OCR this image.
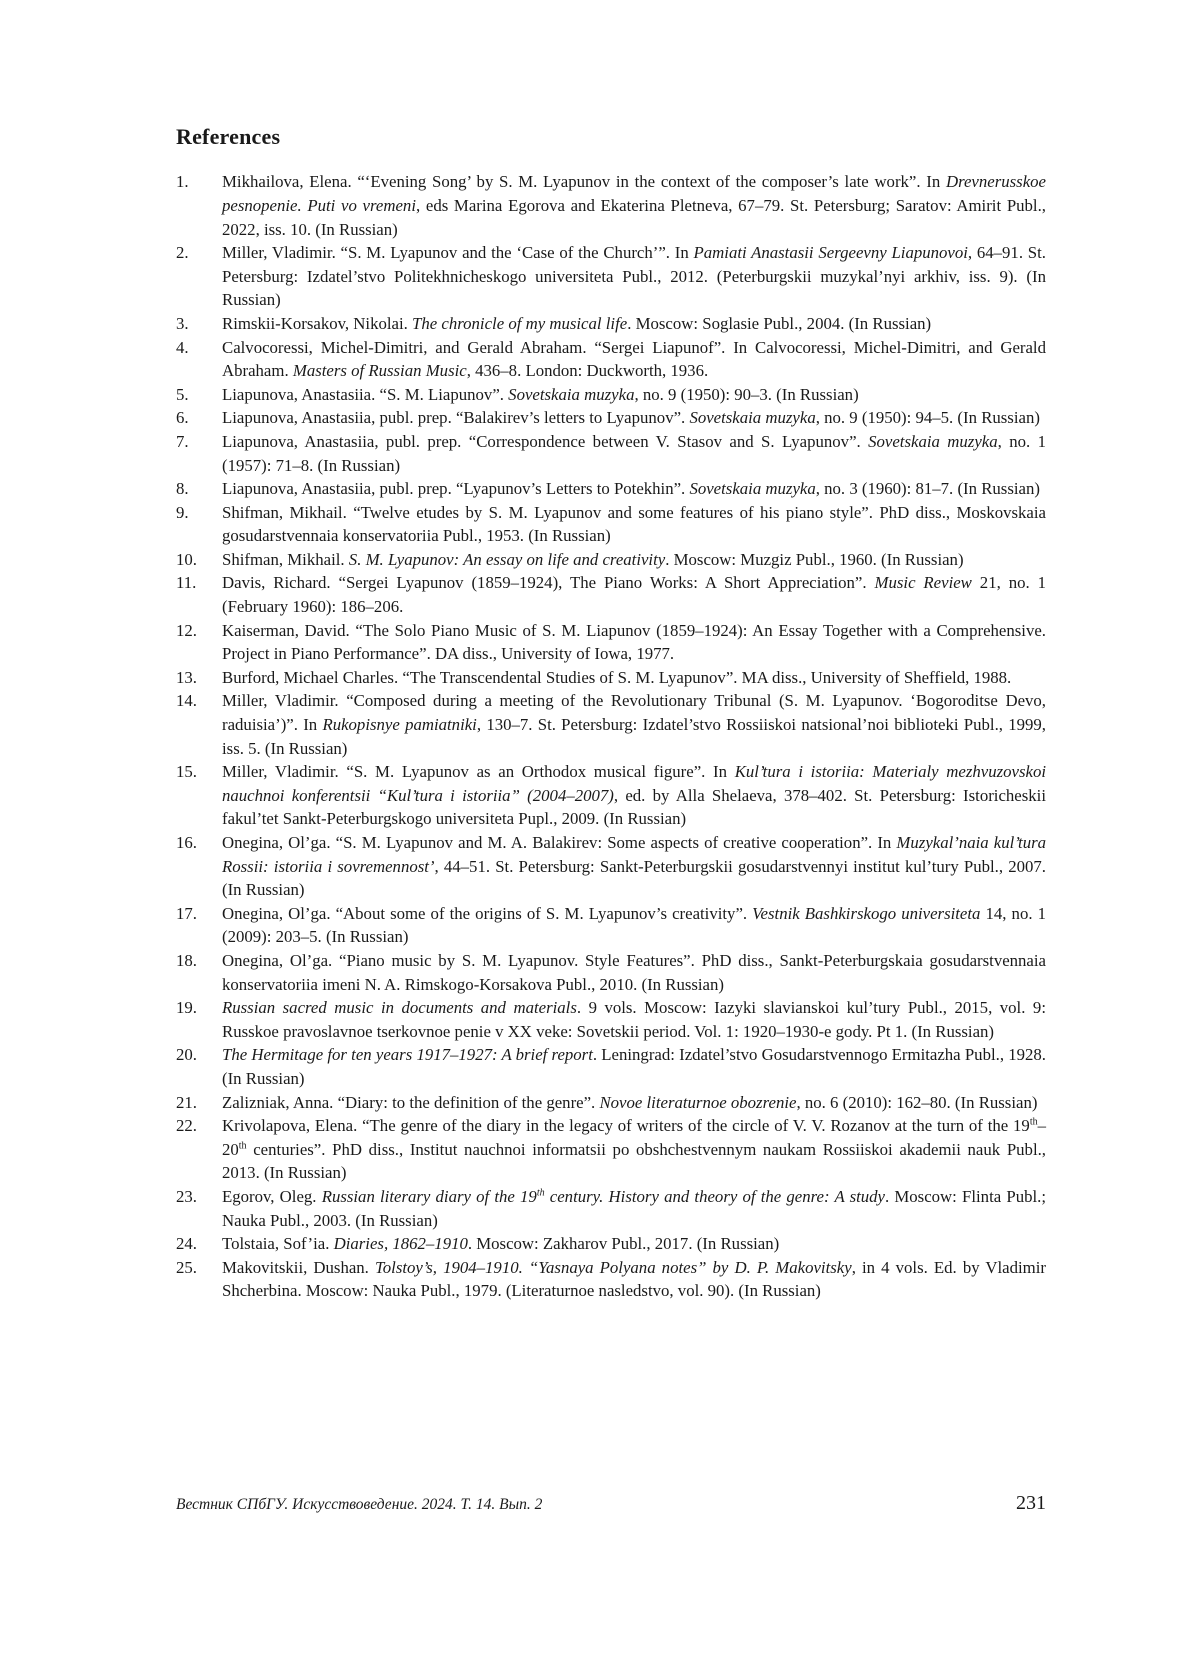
References
1.	Mikhailova, Elena. “‘Evening Song’ by S. M. Lyapunov in the context of the composer’s late work”. In Drevnerusskoe pesnopenie. Puti vo vremeni, eds Marina Egorova and Ekaterina Pletneva, 67–79. St. Petersburg; Saratov: Amirit Publ., 2022, iss. 10. (In Russian)
2.	Miller, Vladimir. “S. M. Lyapunov and the ‘Case of the Church’”. In Pamiati Anastasii Sergeevny Liapunovoi, 64–91. St. Petersburg: Izdatel’stvo Politekhnicheskogo universiteta Publ., 2012. (Peterburgskii muzykal’nyi arkhiv, iss. 9). (In Russian)
3.	Rimskii-Korsakov, Nikolai. The chronicle of my musical life. Moscow: Soglasie Publ., 2004. (In Russian)
4.	Calvocoressi, Michel-Dimitri, and Gerald Abraham. “Sergei Liapunof”. In Calvocoressi, Michel-Dimitri, and Gerald Abraham. Masters of Russian Music, 436–8. London: Duckworth, 1936.
5.	Liapunova, Anastasiia. “S. M. Liapunov”. Sovetskaia muzyka, no. 9 (1950): 90–3. (In Russian)
6.	Liapunova, Anastasiia, publ. prep. “Balakirev’s letters to Lyapunov”. Sovetskaia muzyka, no. 9 (1950): 94–5. (In Russian)
7.	Liapunova, Anastasiia, publ. prep. “Correspondence between V. Stasov and S. Lyapunov”. Sovetskaia muzyka, no. 1 (1957): 71–8. (In Russian)
8.	Liapunova, Anastasiia, publ. prep. “Lyapunov’s Letters to Potekhin”. Sovetskaia muzyka, no. 3 (1960): 81–7. (In Russian)
9.	Shifman, Mikhail. “Twelve etudes by S. M. Lyapunov and some features of his piano style”. PhD diss., Moskovskaia gosudarstvennaia konservatoriia Publ., 1953. (In Russian)
10.	Shifman, Mikhail. S. M. Lyapunov: An essay on life and creativity. Moscow: Muzgiz Publ., 1960. (In Russian)
11.	Davis, Richard. “Sergei Lyapunov (1859–1924), The Piano Works: A Short Appreciation”. Music Review 21, no. 1 (February 1960): 186–206.
12.	Kaiserman, David. “The Solo Piano Music of S. M. Liapunov (1859–1924): An Essay Together with a Comprehensive. Project in Piano Performance”. DA diss., University of Iowa, 1977.
13.	Burford, Michael Charles. “The Transcendental Studies of S. M. Lyapunov”. MA diss., University of Sheffield, 1988.
14.	Miller, Vladimir. “Composed during a meeting of the Revolutionary Tribunal (S. M. Lyapunov. ‘Bogoroditse Devo, raduisia’)”. In Rukopisnye pamiatniki, 130–7. St. Petersburg: Izdatel’stvo Rossiiskoi natsional’noi biblioteki Publ., 1999, iss. 5. (In Russian)
15.	Miller, Vladimir. “S. M. Lyapunov as an Orthodox musical figure”. In Kul’tura i istoriia: Materialy mezhvuzovskoi nauchnoi konferentsii “Kul’tura i istoriia” (2004–2007), ed. by Alla Shelaeva, 378–402. St. Petersburg: Istoricheskii fakul’tet Sankt-Peterburgskogo universiteta Pupl., 2009. (In Russian)
16.	Onegina, Ol’ga. “S. M. Lyapunov and M. A. Balakirev: Some aspects of creative cooperation”. In Muzykal’naia kul’tura Rossii: istoriia i sovremennost’, 44–51. St. Petersburg: Sankt-Peterburgskii gosudarstvennyi institut kul’tury Publ., 2007. (In Russian)
17.	Onegina, Ol’ga. “About some of the origins of S. M. Lyapunov’s creativity”. Vestnik Bashkirskogo universiteta 14, no. 1 (2009): 203–5. (In Russian)
18.	Onegina, Ol’ga. “Piano music by S. M. Lyapunov. Style Features”. PhD diss., Sankt-Peterburgskaia gosudarstvennaia konservatoriia imeni N. A. Rimskogo-Korsakova Publ., 2010. (In Russian)
19.	Russian sacred music in documents and materials. 9 vols. Moscow: Iazyki slavianskoi kul’tury Publ., 2015, vol. 9: Russkoe pravoslavnoe tserkovnoe penie v XX veke: Sovetskii period. Vol. 1: 1920–1930-e gody. Pt 1. (In Russian)
20.	The Hermitage for ten years 1917–1927: A brief report. Leningrad: Izdatel’stvo Gosudarstvennogo Ermitazha Publ., 1928. (In Russian)
21.	Zalizniak, Anna. “Diary: to the definition of the genre”. Novoe literaturnoe obozrenie, no. 6 (2010): 162–80. (In Russian)
22.	Krivolapova, Elena. “The genre of the diary in the legacy of writers of the circle of V. V. Rozanov at the turn of the 19th–20th centuries”. PhD diss., Institut nauchnoi informatsii po obshchestvennym naukam Rossiiskoi akademii nauk Publ., 2013. (In Russian)
23.	Egorov, Oleg. Russian literary diary of the 19th century. History and theory of the genre: A study. Moscow: Flinta Publ.; Nauka Publ., 2003. (In Russian)
24.	Tolstaia, Sof’ia. Diaries, 1862–1910. Moscow: Zakharov Publ., 2017. (In Russian)
25.	Makovitskii, Dushan. Tolstoy’s, 1904–1910. “Yasnaya Polyana notes” by D. P. Makovitsky, in 4 vols. Ed. by Vladimir Shcherbina. Moscow: Nauka Publ., 1979. (Literaturnoe nasledstvo, vol. 90). (In Russian)
Вестник СПбГУ. Искусствоведение. 2024. Т. 14. Вып. 2	231
